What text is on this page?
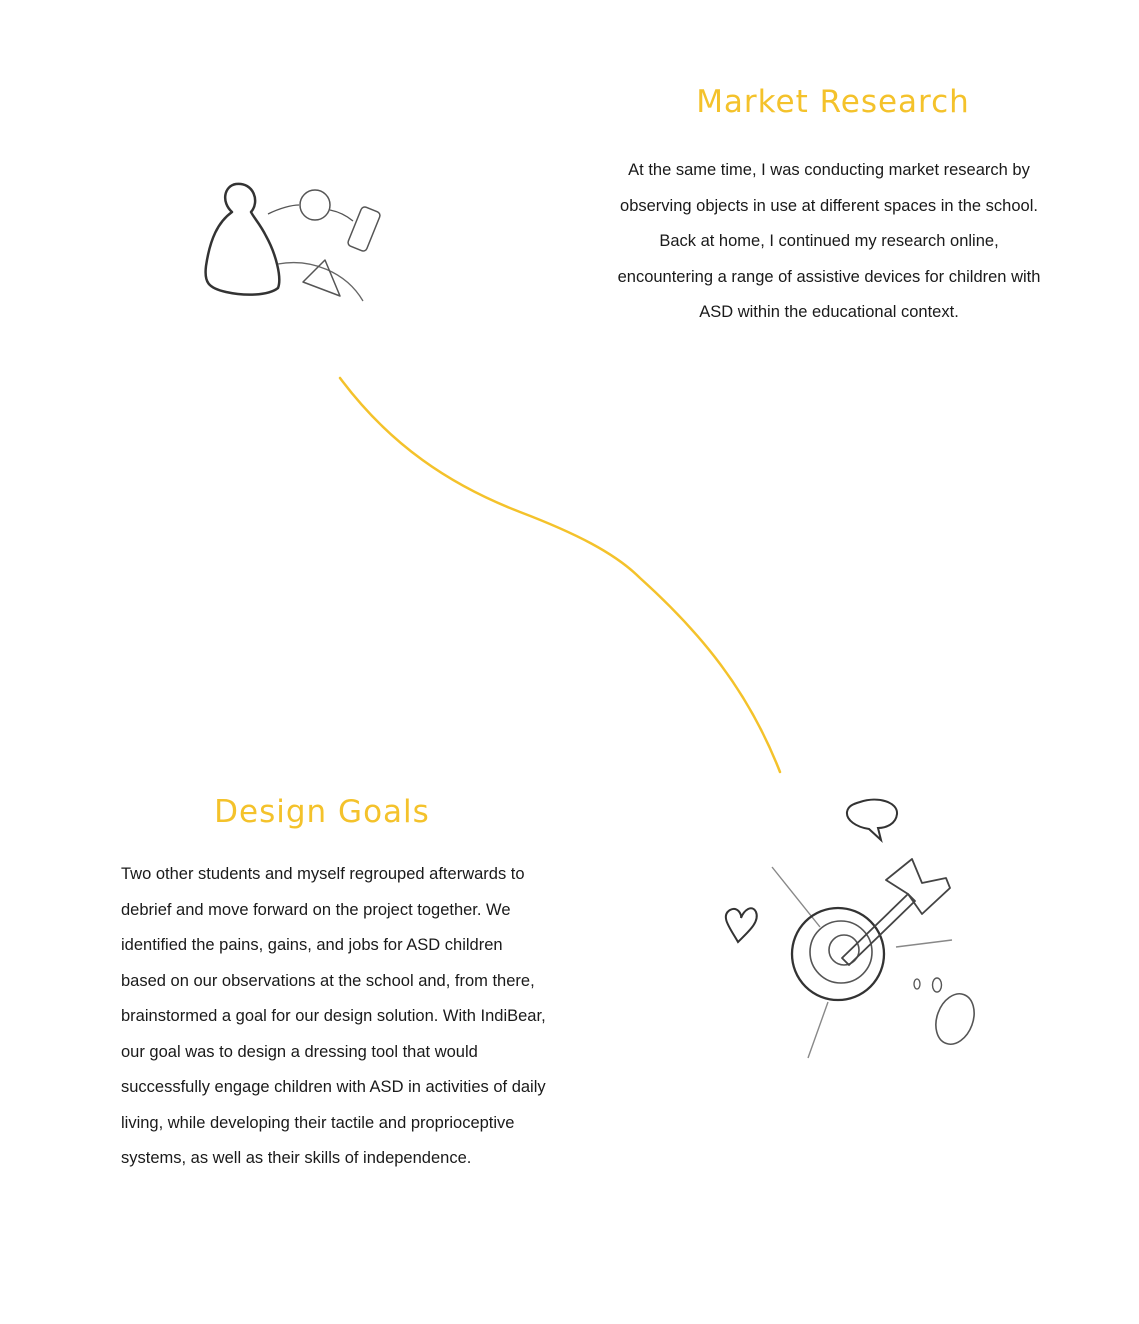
Market Research

At the same time, I was conducting market research by observing objects in use at different spaces in the school. Back at home, I continued my research online, encountering a range of assistive devices for children with ASD within the educational context.

Design Goals

Two other students and myself regrouped afterwards to debrief and move forward on the project together. We identified the pains, gains, and jobs for ASD children based on our observations at the school and, from there, brainstormed a goal for our design solution. With IndiBear, our goal was to design a dressing tool that would successfully engage children with ASD in activities of daily living, while developing their tactile and proprioceptive systems, as well as their skills of independence.
